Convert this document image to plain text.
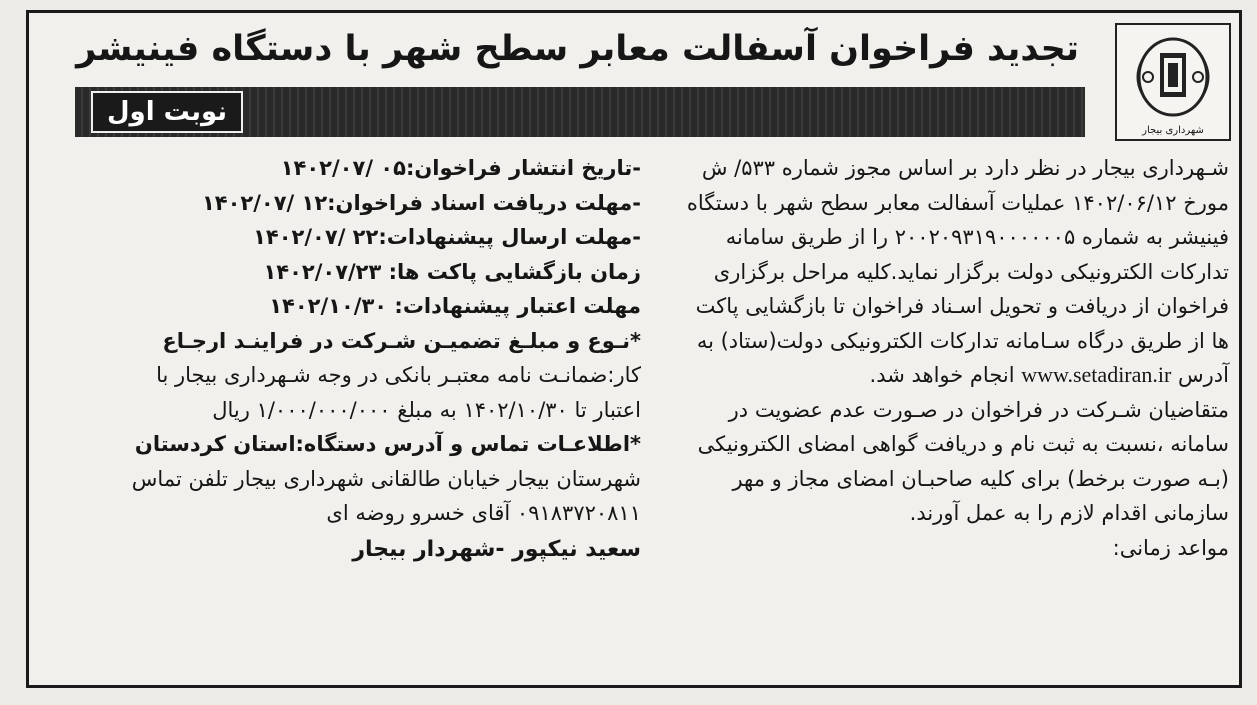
شهرداری بیجار
تجدید فراخوان آسفالت معابر سطح شهر با دستگاه فینیشر
نوبت اول
شـهرداری بیجار در نظر دارد بر اساس مجوز شماره ۵۳۳/ ش
مورخ ۱۴۰۲/۰۶/۱۲ عملیات آسفالت معابر سطح شهر با دستگاه
فینیشر به شماره ۲۰۰۲۰۹۳۱۹۰۰۰۰۰۰۵ را از طریق سامانه
تدارکات الکترونیکی دولت برگزار نماید.کلیه مراحل برگزاری
فراخوان از دریافت و تحویل اسـناد فراخوان تا بازگشایی پاکت
ها از طریق درگاه سـامانه تدارکات الکترونیکی دولت(ستاد) به
آدرس www.setadiran.ir انجام خواهد شد.
متقاضیان شـرکت در فراخوان در صـورت عدم عضویت در
سامانه ،نسبت به ثبت نام و دریافت گواهی امضای الکترونیکی
(بـه صورت برخط) برای کلیه صاحبـان امضای مجاز و مهر
سازمانی اقدام لازم را به عمل آورند.
مواعد زمانی:
-تاریخ انتشار فراخوان:۰۵ /۱۴۰۲/۰۷
-مهلت دریافت اسناد فراخوان:۱۲ /۱۴۰۲/۰۷
-مهلت ارسال پیشنهادات:۲۲ /۱۴۰۲/۰۷
زمان بازگشایی پاکت ها: ۱۴۰۲/۰۷/۲۳
مهلت اعتبار پیشنهادات: ۱۴۰۲/۱۰/۳۰
*نـوع و مبلـغ تضمیـن شـرکت در فراینـد ارجـاع
کار:ضمانـت نامه معتبـر بانکی در وجه شـهرداری بیجار با
اعتبار تا ۱۴۰۲/۱۰/۳۰ به مبلغ ۱/۰۰۰/۰۰۰/۰۰۰ ریال
*اطلاعـات تماس و آدرس دستگاه:استان کردستان
شهرستان بیجار خیابان طالقانی شهرداری بیجار تلفن تماس
۰۹۱۸۳۷۲۰۸۱۱ آقای خسرو روضه ای
سعید نیکپور -شهردار بیجار
